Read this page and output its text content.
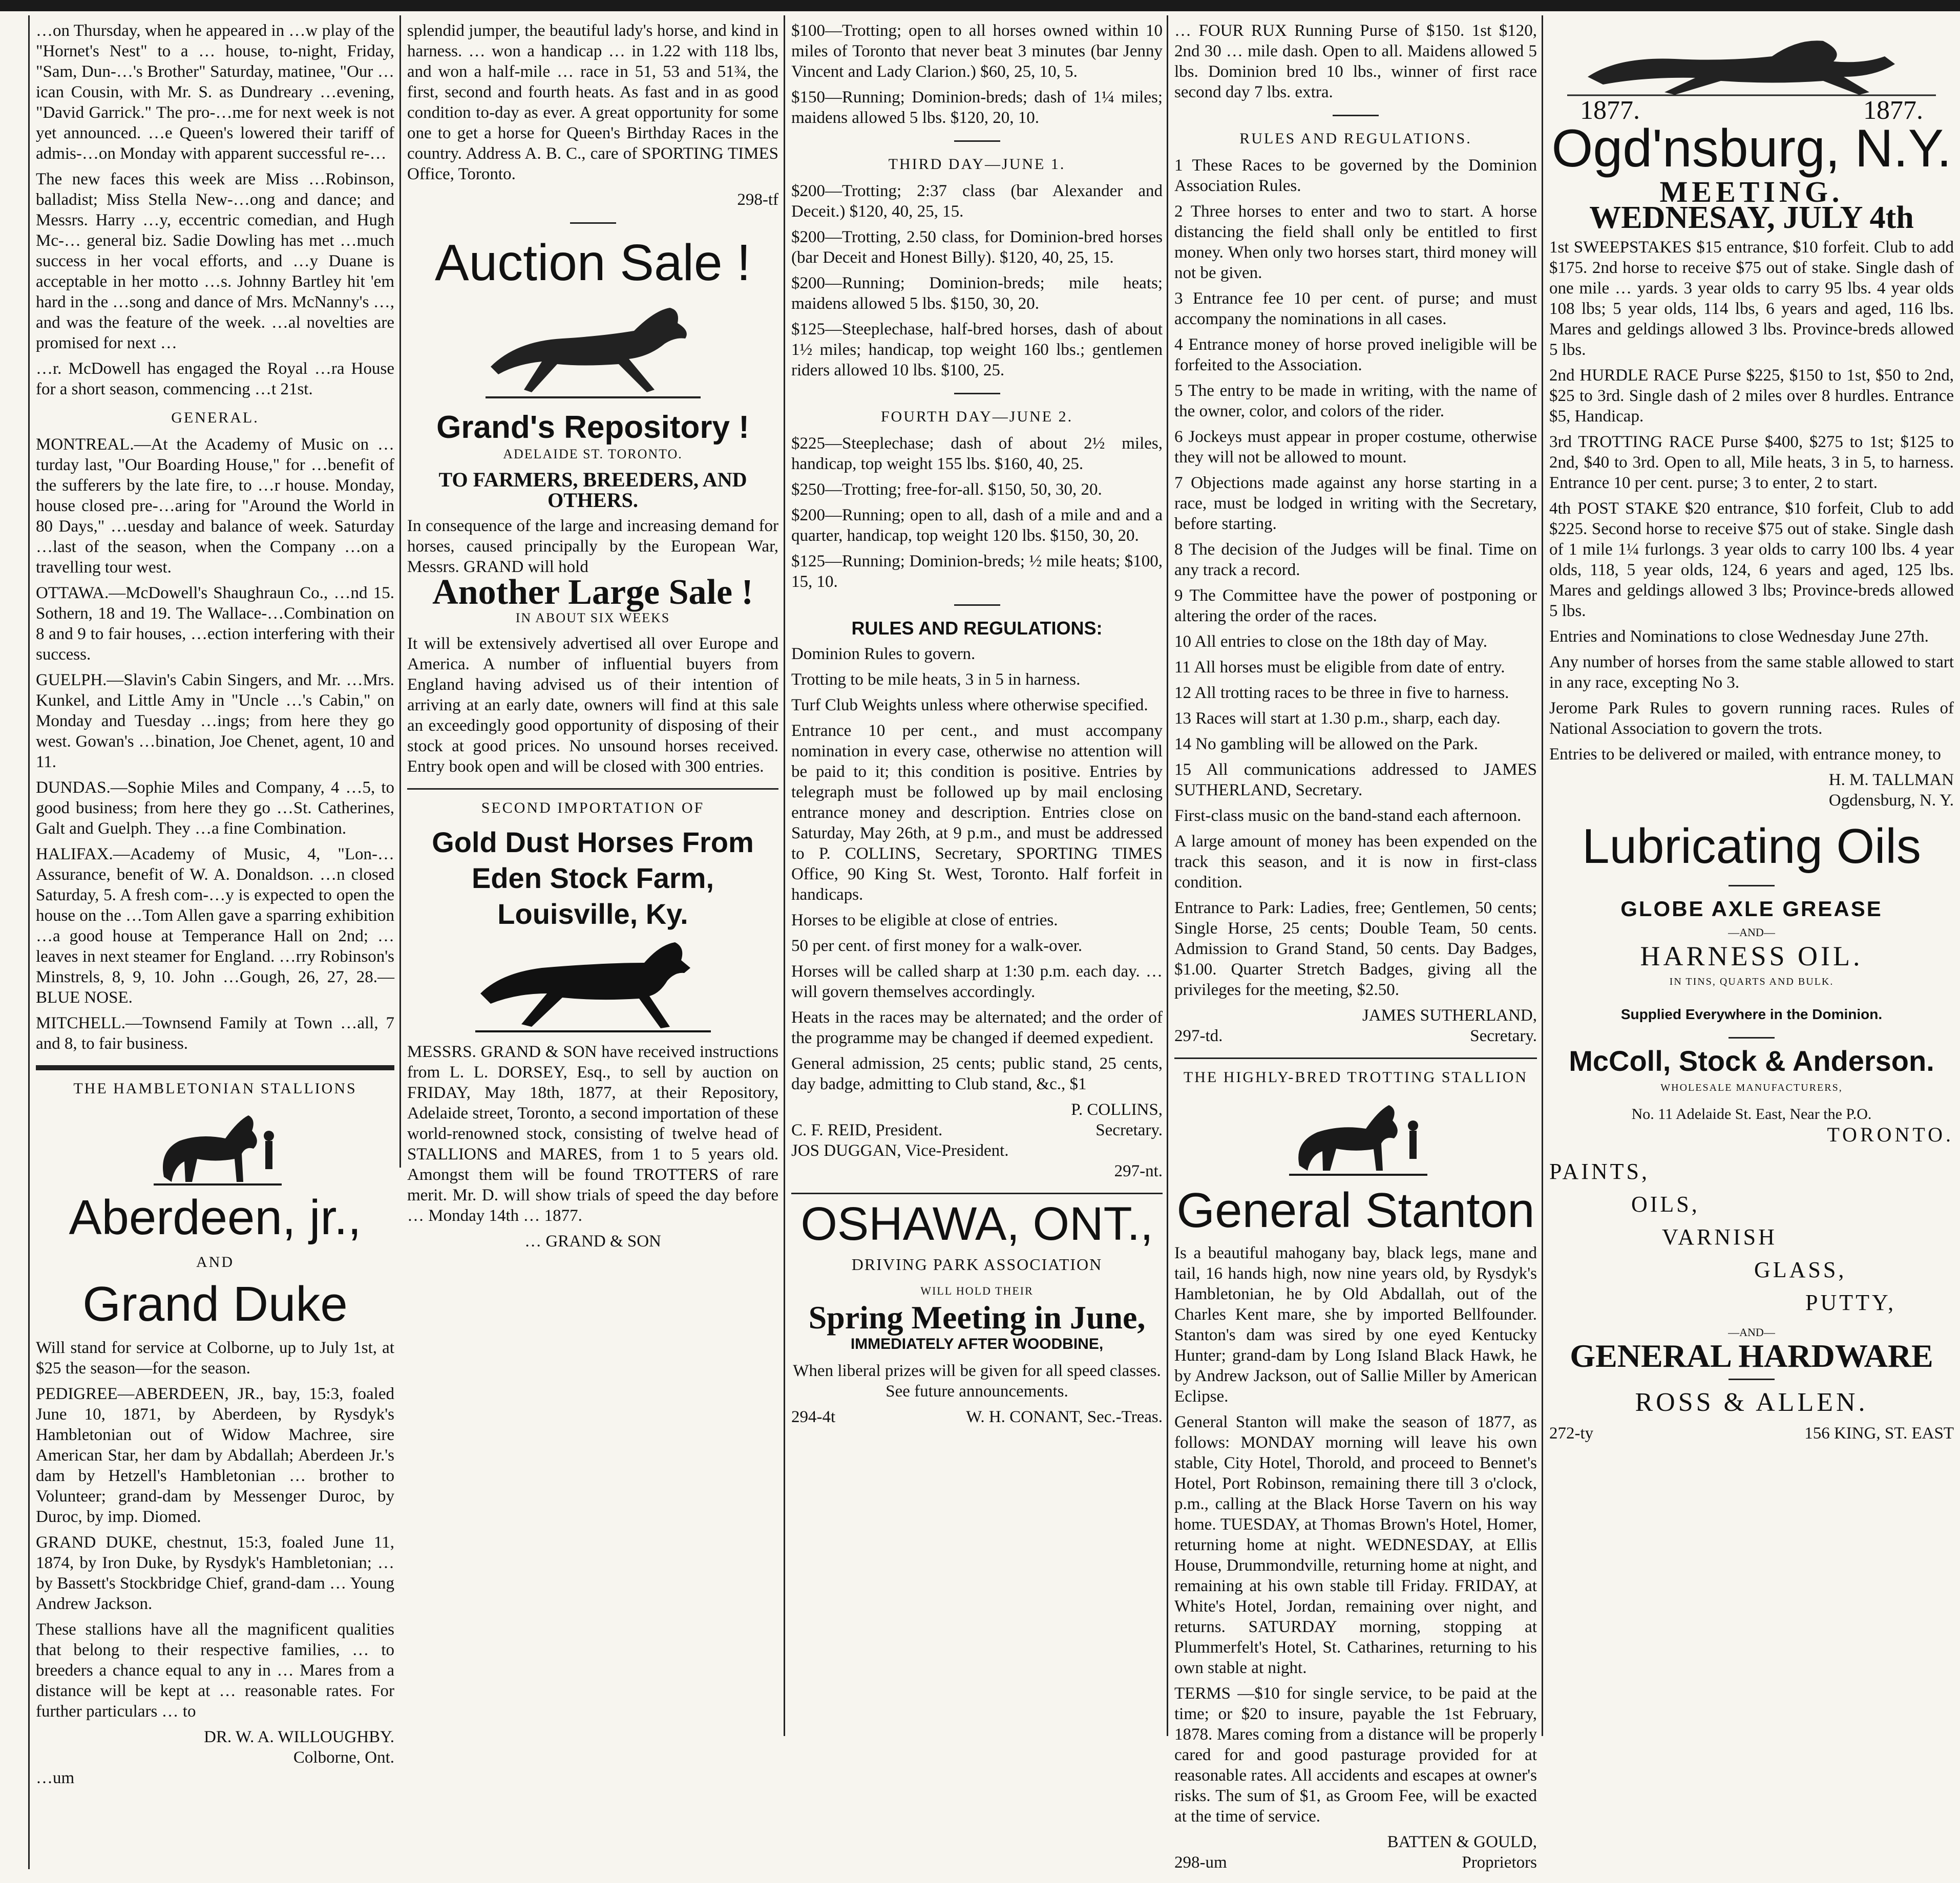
…on Thursday, when he appeared in …w play of the "Hornet's Nest" to a … house, to-night, Friday, "Sam, Dun-…'s Brother" Saturday, matinee, "Our …ican Cousin, with Mr. S. as Dundreary …evening, "David Garrick." The pro-…me for next week is not yet announced. …e Queen's lowered their tariff of admis-…on Monday with apparent successful re-…

The new faces this week are Miss …Robinson, balladist; Miss Stella New-…ong and dance; and Messrs. Harry …y, eccentric comedian, and Hugh Mc-… general biz. Sadie Dowling has met …much success in her vocal efforts, and …y Duane is acceptable in her motto …s. Johnny Bartley hit 'em hard in the …song and dance of Mrs. McNanny's …, and was the feature of the week. …al novelties are promised for next …

…r. McDowell has engaged the Royal …ra House for a short season, commencing …t 21st.

GENERAL.

MONTREAL.—At the Academy of Music on …turday last, "Our Boarding House," for …benefit of the sufferers by the late fire, to …r house. Monday, house closed pre-…aring for "Around the World in 80 Days," …uesday and balance of week. Saturday …last of the season, when the Company …on a travelling tour west.

OTTAWA.—McDowell's Shaughraun Co., …nd 15. Sothern, 18 and 19. The Wallace-…Combination on 8 and 9 to fair houses, …ection interfering with their success.

GUELPH.—Slavin's Cabin Singers, and Mr. …Mrs. Kunkel, and Little Amy in "Uncle …'s Cabin," on Monday and Tuesday …ings; from here they go west. Gowan's …bination, Joe Chenet, agent, 10 and 11.

DUNDAS.—Sophie Miles and Company, 4 …5, to good business; from here they go …St. Catherines, Galt and Guelph. They …a fine Combination.

HALIFAX.—Academy of Music, 4, "Lon-…Assurance, benefit of W. A. Donaldson. …n closed Saturday, 5. A fresh com-…y is expected to open the house on the …Tom Allen gave a sparring exhibition …a good house at Temperance Hall on 2nd; …leaves in next steamer for England. …rry Robinson's Minstrels, 8, 9, 10. John …Gough, 26, 27, 28.—BLUE NOSE.

MITCHELL.—Townsend Family at Town …all, 7 and 8, to fair business.

THE HAMBLETONIAN STALLIONS
Aberdeen, jr.,
AND
Grand Duke

Will stand for service at Colborne, up to July 1st, at $25 the season—for the season.

PEDIGREE—ABERDEEN, JR., bay, 15:3, foaled June 10, 1871, by Aberdeen, by Rysdyk's Hambletonian out of Widow Machree, sire American Star, her dam by Abdallah; Aberdeen Jr.'s dam by Hetzell's Hambletonian … brother to Volunteer; grand-dam by Messenger Duroc, by Duroc, by imp. Diomed.

GRAND DUKE, chestnut, 15:3, foaled June 11, 1874, by Iron Duke, by Rysdyk's Hambletonian; … by Bassett's Stockbridge Chief, grand-dam … Young Andrew Jackson.

These stallions have all the magnificent qualities that belong to their respective families, … to breeders a chance equal to any in … Mares from a distance will be kept at … reasonable rates. For further particulars … to

DR. W. A. WILLOUGHBY.
Colborne, Ont.
…um

splendid jumper, the beautiful lady's horse, and kind in harness. … won a handicap … in 1.22 with 118 lbs, and won a half-mile … race in 51, 53 and 51¾, the first, second and fourth heats. As fast and in as good condition to-day as ever. A great opportunity for some one to get a horse for Queen's Birthday Races in the country. Address A. B. C., care of SPORTING TIMES Office, Toronto.

298-tf
Auction Sale !
Grand's Repository !
ADELAIDE ST. TORONTO.
TO FARMERS, BREEDERS, AND OTHERS.

In consequence of the large and increasing demand for horses, caused principally by the European War, Messrs. GRAND will hold

Another Large Sale !
IN ABOUT SIX WEEKS

It will be extensively advertised all over Europe and America. A number of influential buyers from England having advised us of their intention of arriving at an early date, owners will find at this sale an exceedingly good opportunity of disposing of their stock at good prices. No unsound horses received. Entry book open and will be closed with 300 entries.

SECOND IMPORTATION OF
Gold Dust Horses From Eden Stock Farm, Louisville, Ky.

MESSRS. GRAND & SON have received instructions from L. L. DORSEY, Esq., to sell by auction on FRIDAY, May 18th, 1877, at their Repository, Adelaide street, Toronto, a second importation of these world-renowned stock, consisting of twelve head of STALLIONS and MARES, from 1 to 5 years old. Amongst them will be found TROTTERS of rare merit. Mr. D. will show trials of speed the day before … Monday 14th … 1877.

… GRAND & SON

$100—Trotting; open to all horses owned within 10 miles of Toronto that never beat 3 minutes (bar Jenny Vincent and Lady Clarion.) $60, 25, 10, 5.

$150—Running; Dominion-breds; dash of 1¼ miles; maidens allowed 5 lbs. $120, 20, 10.

THIRD DAY—JUNE 1.

$200—Trotting; 2:37 class (bar Alexander and Deceit.) $120, 40, 25, 15.

$200—Trotting, 2.50 class, for Dominion-bred horses (bar Deceit and Honest Billy). $120, 40, 25, 15.

$200—Running; Dominion-breds; mile heats; maidens allowed 5 lbs. $150, 30, 20.

$125—Steeplechase, half-bred horses, dash of about 1½ miles; handicap, top weight 160 lbs.; gentlemen riders allowed 10 lbs. $100, 25.

FOURTH DAY—JUNE 2.

$225—Steeplechase; dash of about 2½ miles, handicap, top weight 155 lbs. $160, 40, 25.

$250—Trotting; free-for-all. $150, 50, 30, 20.

$200—Running; open to all, dash of a mile and and a quarter, handicap, top weight 120 lbs. $150, 30, 20.

$125—Running; Dominion-breds; ½ mile heats; $100, 15, 10.

RULES AND REGULATIONS:

Dominion Rules to govern.

Trotting to be mile heats, 3 in 5 in harness.

Turf Club Weights unless where otherwise specified.

Entrance 10 per cent., and must accompany nomination in every case, otherwise no attention will be paid to it; this condition is positive. Entries by telegraph must be followed up by mail enclosing entrance money and description. Entries close on Saturday, May 26th, at 9 p.m., and must be addressed to P. COLLINS, Secretary, SPORTING TIMES Office, 90 King St. West, Toronto. Half forfeit in handicaps.

Horses to be eligible at close of entries.

50 per cent. of first money for a walk-over.

Horses will be called sharp at 1:30 p.m. each day. … will govern themselves accordingly.

Heats in the races may be alternated; and the order of the programme may be changed if deemed expedient.

General admission, 25 cents; public stand, 25 cents, day badge, admitting to Club stand, &c., $1

P. COLLINS,
C. F. REID, President.	Secretary.
JOS DUGGAN, Vice-President.
297-nt.
OSHAWA, ONT.,
DRIVING PARK ASSOCIATION
WILL HOLD THEIR
Spring Meeting in June,
IMMEDIATELY AFTER WOODBINE,

When liberal prizes will be given for all speed classes. See future announcements.

294-4t	W. H. CONANT, Sec.-Treas.

… FOUR RUX Running Purse of $150. 1st $120, 2nd 30 … mile dash. Open to all. Maidens allowed 5 lbs. Dominion bred 10 lbs., winner of first race second day 7 lbs. extra.

RULES AND REGULATIONS.

1 These Races to be governed by the Dominion Association Rules.

2 Three horses to enter and two to start. A horse distancing the field shall only be entitled to first money. When only two horses start, third money will not be given.

3 Entrance fee 10 per cent. of purse; and must accompany the nominations in all cases.

4 Entrance money of horse proved ineligible will be forfeited to the Association.

5 The entry to be made in writing, with the name of the owner, color, and colors of the rider.

6 Jockeys must appear in proper costume, otherwise they will not be allowed to mount.

7 Objections made against any horse starting in a race, must be lodged in writing with the Secretary, before starting.

8 The decision of the Judges will be final. Time on any track a record.

9 The Committee have the power of postponing or altering the order of the races.

10 All entries to close on the 18th day of May.

11 All horses must be eligible from date of entry.

12 All trotting races to be three in five to harness.

13 Races will start at 1.30 p.m., sharp, each day.

14 No gambling will be allowed on the Park.

15 All communications addressed to JAMES SUTHERLAND, Secretary.

First-class music on the band-stand each afternoon.

A large amount of money has been expended on the track this season, and it is now in first-class condition.

Entrance to Park: Ladies, free; Gentlemen, 50 cents; Single Horse, 25 cents; Double Team, 50 cents. Admission to Grand Stand, 50 cents. Day Badges, $1.00. Quarter Stretch Badges, giving all the privileges for the meeting, $2.50.

JAMES SUTHERLAND,
297-td.	Secretary.
THE HIGHLY-BRED TROTTING STALLION
General Stanton

Is a beautiful mahogany bay, black legs, mane and tail, 16 hands high, now nine years old, by Rysdyk's Hambletonian, he by Old Abdallah, out of the Charles Kent mare, she by imported Bellfounder. Stanton's dam was sired by one eyed Kentucky Hunter; grand-dam by Long Island Black Hawk, he by Andrew Jackson, out of Sallie Miller by American Eclipse.

General Stanton will make the season of 1877, as follows: MONDAY morning will leave his own stable, City Hotel, Thorold, and proceed to Bennet's Hotel, Port Robinson, remaining there till 3 o'clock, p.m., calling at the Black Horse Tavern on his way home. TUESDAY, at Thomas Brown's Hotel, Homer, returning home at night. WEDNESDAY, at Ellis House, Drummondville, returning home at night, and remaining at his own stable till Friday. FRIDAY, at White's Hotel, Jordan, remaining over night, and returns. SATURDAY morning, stopping at Plummerfelt's Hotel, St. Catharines, returning to his own stable at night.

TERMS —$10 for single service, to be paid at the time; or $20 to insure, payable the 1st February, 1878. Mares coming from a distance will be properly cared for and good pasturage provided for at reasonable rates. All accidents and escapes at owner's risks. The sum of $1, as Groom Fee, will be exacted at the time of service.

BATTEN & GOULD,
298-um	Proprietors
1877.	1877.
Ogd'nsburg, N.Y.
MEETING.
WEDNESAY, JULY 4th

1st SWEEPSTAKES $15 entrance, $10 forfeit. Club to add $175. 2nd horse to receive $75 out of stake. Single dash of one mile … yards. 3 year olds to carry 95 lbs. 4 year olds 108 lbs; 5 year olds, 114 lbs, 6 years and aged, 116 lbs. Mares and geldings allowed 3 lbs. Province-breds allowed 5 lbs.

2nd HURDLE RACE Purse $225, $150 to 1st, $50 to 2nd, $25 to 3rd. Single dash of 2 miles over 8 hurdles. Entrance $5, Handicap.

3rd TROTTING RACE Purse $400, $275 to 1st; $125 to 2nd, $40 to 3rd. Open to all, Mile heats, 3 in 5, to harness. Entrance 10 per cent. purse; 3 to enter, 2 to start.

4th POST STAKE $20 entrance, $10 forfeit, Club to add $225. Second horse to receive $75 out of stake. Single dash of 1 mile 1¼ furlongs. 3 year olds to carry 100 lbs. 4 year olds, 118, 5 year olds, 124, 6 years and aged, 125 lbs. Mares and geldings allowed 3 lbs; Province-breds allowed 5 lbs.

Entries and Nominations to close Wednesday June 27th.

Any number of horses from the same stable allowed to start in any race, excepting No 3.

Jerome Park Rules to govern running races. Rules of National Association to govern the trots.

Entries to be delivered or mailed, with entrance money, to

H. M. TALLMAN
Ogdensburg, N. Y.
Lubricating Oils
GLOBE AXLE GREASE
—AND—
HARNESS OIL.
IN TINS, QUARTS AND BULK.
Supplied Everywhere in the Dominion.
McColl, Stock & Anderson.
WHOLESALE MANUFACTURERS,
No. 11 Adelaide St. East, Near the P.O.
TORONTO.
PAINTS,
OILS,
VARNISH
GLASS,
PUTTY,
—AND—
GENERAL HARDWARE
ROSS & ALLEN.
272-ty	156 KING, ST. EAST
